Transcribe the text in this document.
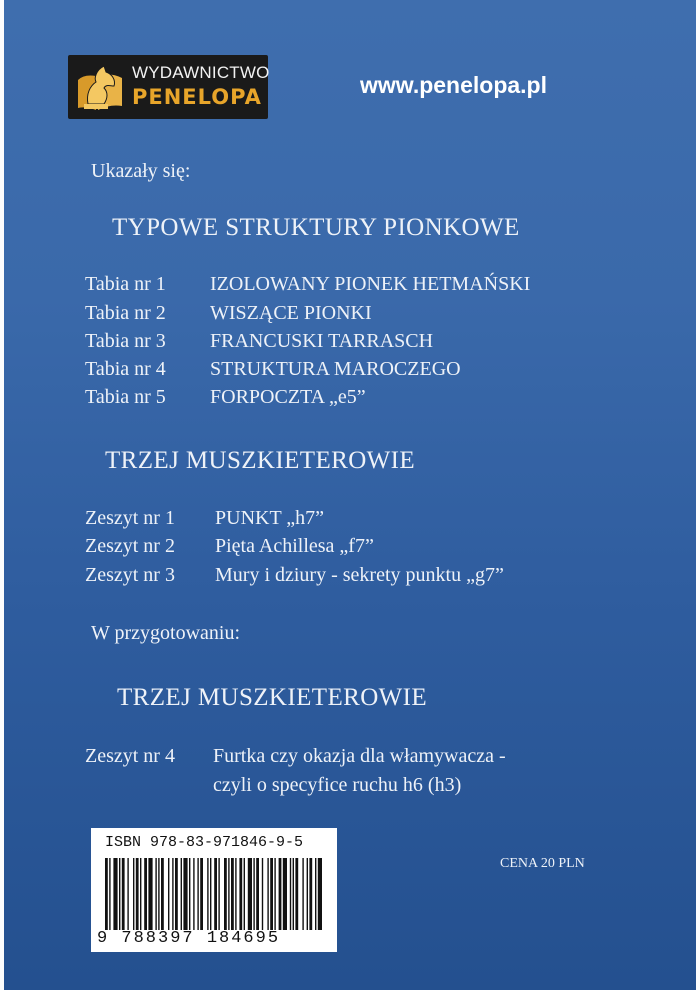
WYDAWNICTWO
PENELOPA	www.penelopa.pl
Ukazały się:
TYPOWE STRUKTURY PIONKOWE
Tabia nr 1 IZOLOWANY PIONEK HETMAŃSKI
Tabia nr 2 WISZĄCE PIONKI
Tabia nr 3 FRANCUSKI TARRASCH
Tabia nr 4 STRUKTURA MAROCZEGO
Tabia nr 5 FORPOCZTA „e5”
TRZEJ MUSZKIETEROWIE
Zeszyt nr 1 PUNKT „h7”
Zeszyt nr 2 Pięta Achillesa „f7”
Zeszyt nr 3 Mury i dziury - sekrety punktu „g7”
W przygotowaniu:
TRZEJ MUSZKIETEROWIE
Zeszyt nr 4 Furtka czy okazja dla włamywacza -
czyli o specyfice ruchu h6 (h3)
ISBN 978-83-971846-9-5
9 788397 184695
CENA 20 PLN
